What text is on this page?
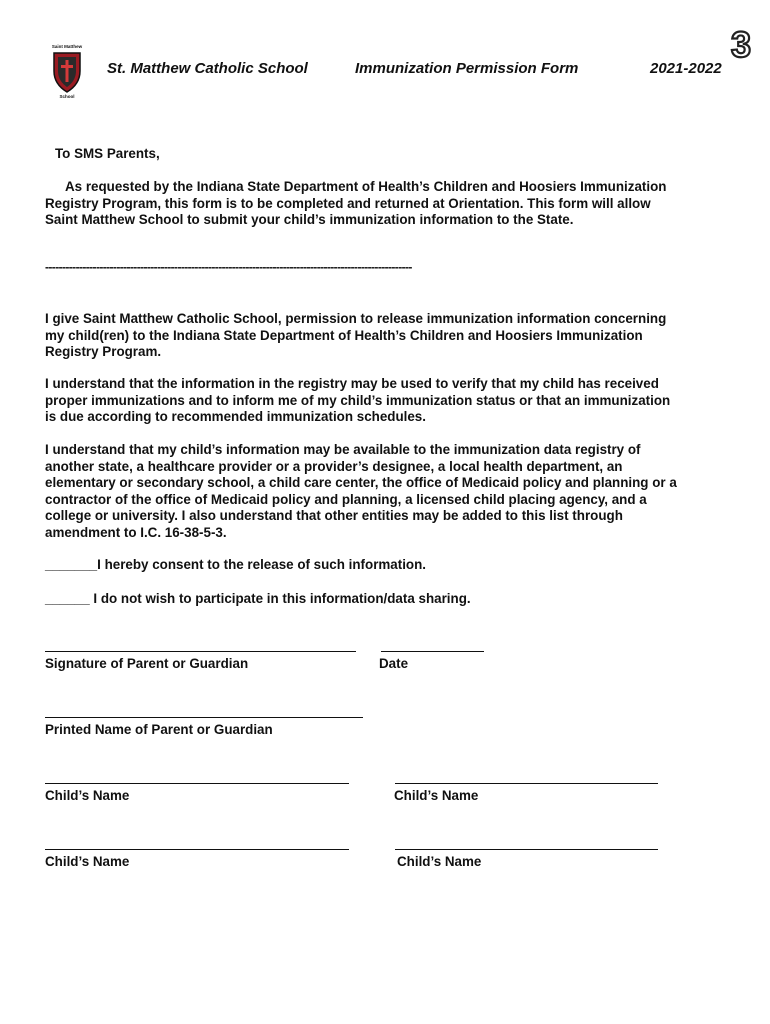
Saint Matthew
School
St. Matthew Catholic School	Immunization Permission Form	2021-2022
3
To SMS Parents,
As requested by the Indiana State Department of Health’s Children and Hoosiers Immunization Registry Program, this form is to be completed and returned at Orientation. This form will allow Saint Matthew School to submit your child’s immunization information to the State.
------------------------------------------------------------------------------------------------------------
I give Saint Matthew Catholic School, permission to release immunization information concerning my child(ren) to the Indiana State Department of Health’s Children and Hoosiers Immunization Registry Program.
I understand that the information in the registry may be used to verify that my child has received proper immunizations and to inform me of my child’s immunization status or that an immunization is due according to recommended immunization schedules.
I understand that my child’s information may be available to the immunization data registry of another state, a healthcare provider or a provider’s designee, a local health department, an elementary or secondary school, a child care center, the office of Medicaid policy and planning or a contractor of the office of Medicaid policy and planning, a licensed child placing agency, and a college or university. I also understand that other entities may be added to this list through amendment to I.C. 16-38-5-3.
_______I hereby consent to the release of such information.
______ I do not wish to participate in this information/data sharing.
Signature of Parent or Guardian	Date
Printed Name of Parent or Guardian
Child’s Name	Child’s Name
Child’s Name	Child’s Name
